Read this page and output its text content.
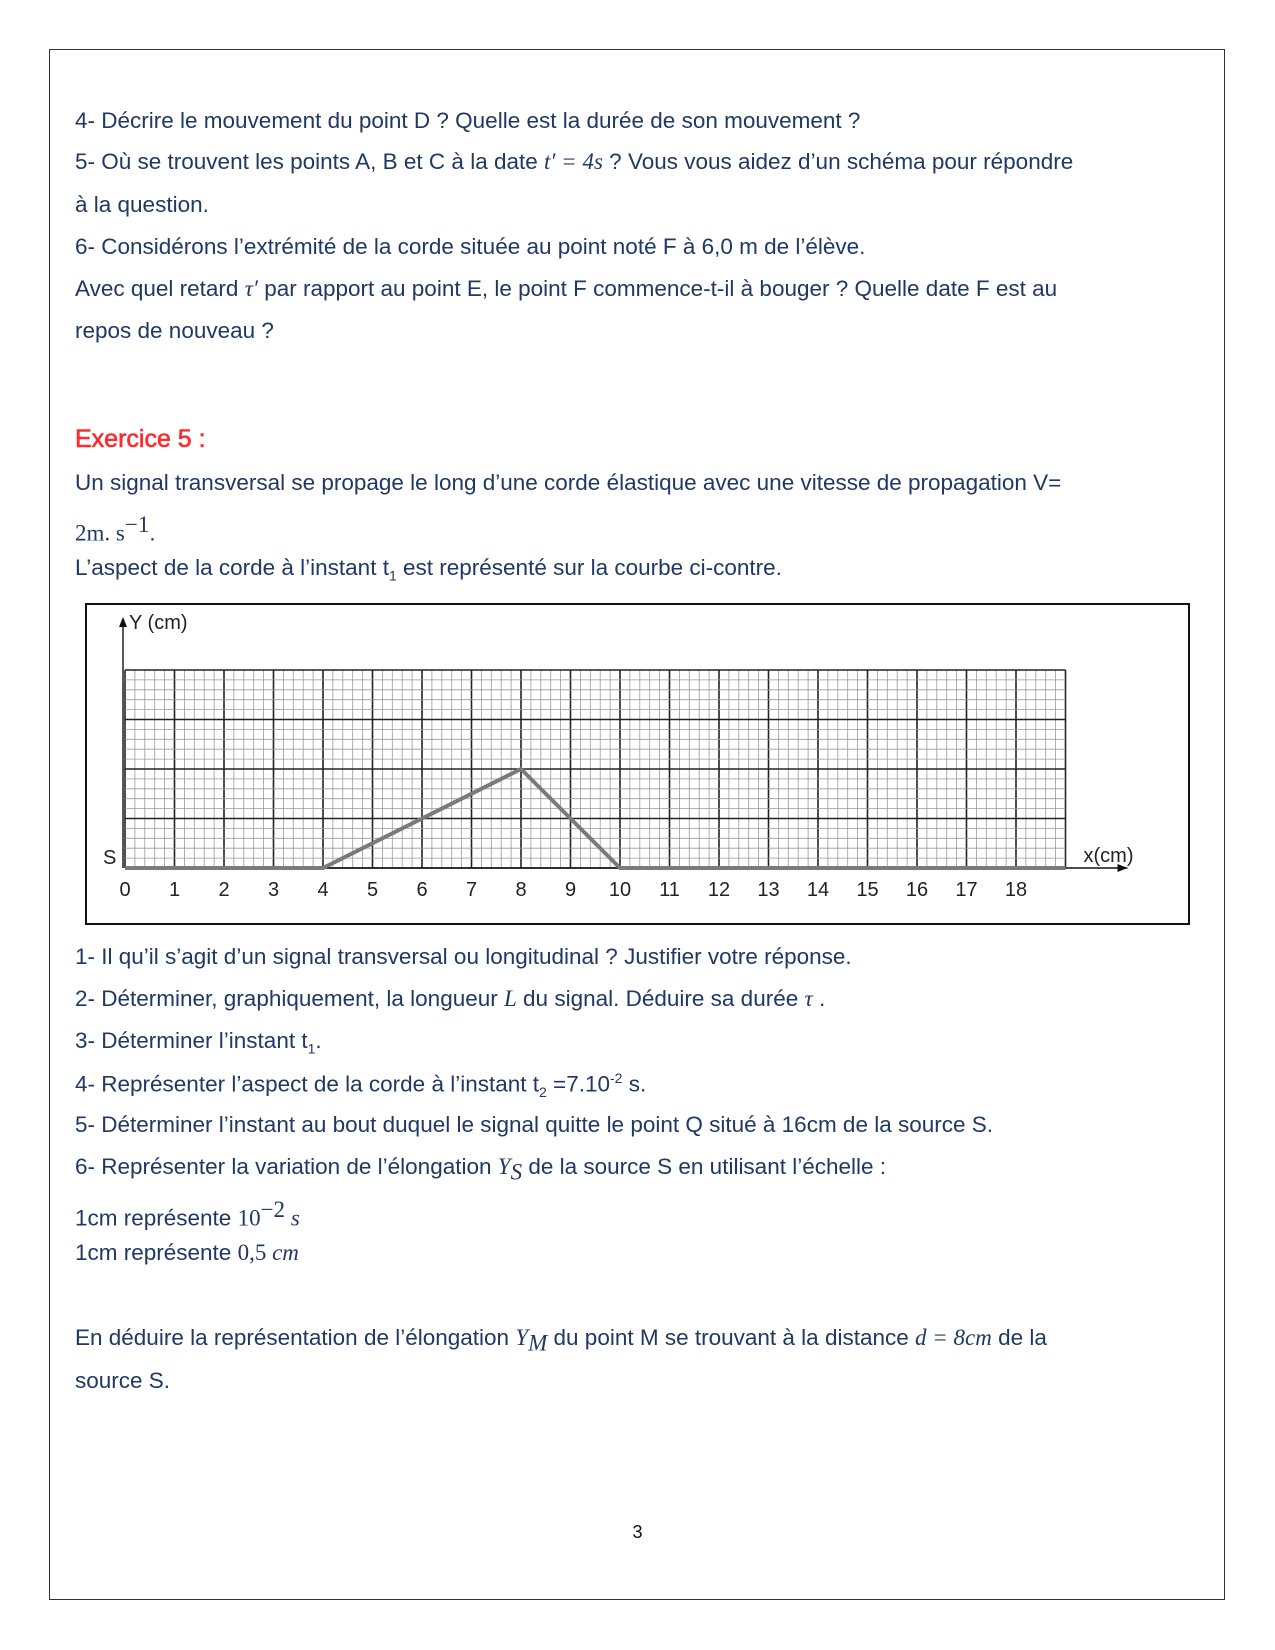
4- Décrire le mouvement du point D ? Quelle est la durée de son mouvement ?
5- Où se trouvent les points A, B et C à la date t′ = 4s ? Vous vous aidez d’un schéma pour répondre
à la question.
6- Considérons l’extrémité de la corde située au point noté F à 6,0 m de l’élève.
Avec quel retard τ′ par rapport au point E, le point F commence-t-il à bouger ? Quelle date F est au
repos de nouveau ?
Exercice 5 :
Un signal transversal se propage le long d’une corde élastique avec une vitesse de propagation V=
2m. $s^{-1}$.
L’aspect de la corde à l’instant $t_1$ est représenté sur la courbe ci-contre.
Y (cm)
x(cm)
S
0 1 2 3 4 5 6 7 8 9 10 11 12 13 14 15 16 17 18
1- Il qu’il s’agit d’un signal transversal ou longitudinal ? Justifier votre réponse.
2- Déterminer, graphiquement, la longueur L du signal. Déduire sa durée τ .
3- Déterminer l’instant $t_1$.
4- Représenter l’aspect de la corde à l’instant $t_2 =7.10^{-2}$ s.
5- Déterminer l’instant au bout duquel le signal quitte le point Q situé à 16cm de la source S.
6- Représenter la variation de l’élongation $Y_S$ de la source S en utilisant l’échelle :
1cm représente $10^{-2}$ s
1cm représente 0,5 cm
En déduire la représentation de l’élongation $Y_M$ du point M se trouvant à la distance d = 8cm de la
source S.
3
